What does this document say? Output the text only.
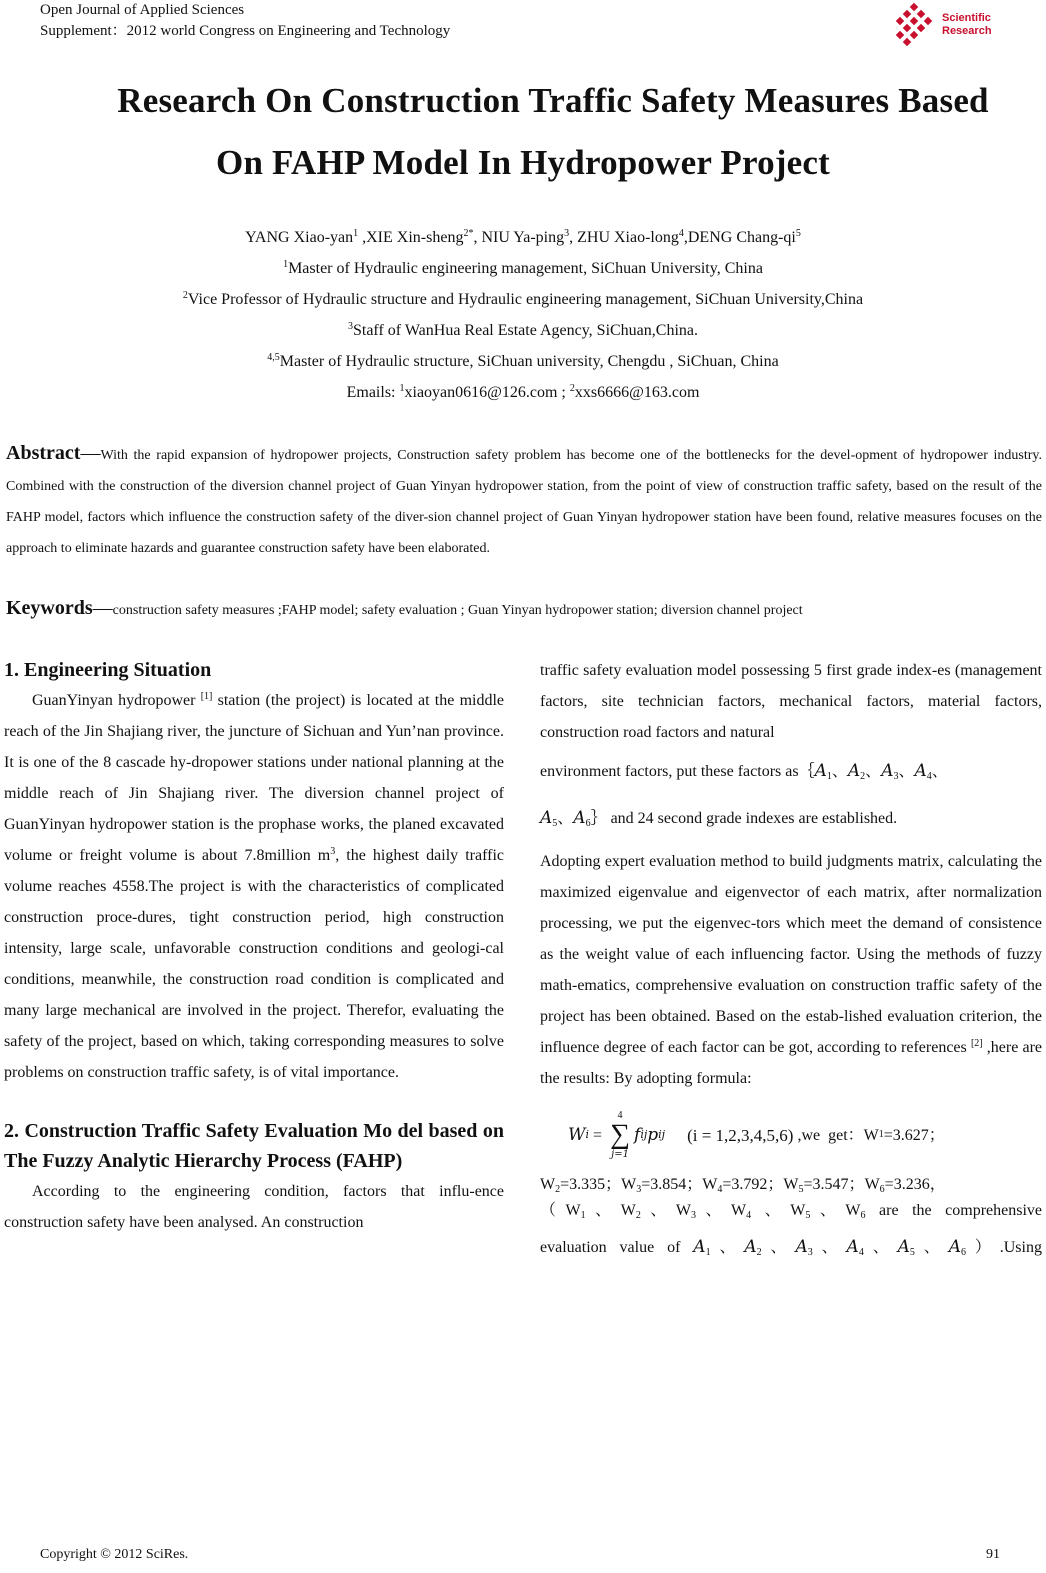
Open Journal of Applied Sciences
Supplement：2012 world Congress on Engineering and Technology
Scientific
Research
Research On Construction Traffic Safety Measures Based
On FAHP Model In Hydropower Project
YANG Xiao-yan$^1$ ,XIE Xin-sheng$^{2*}$, NIU Ya-ping$^3$, ZHU Xiao-long$^4$,DENG Chang-$qi^5$
$^1$Master of Hydraulic engineering management, SiChuan University, China
$^2$Vice Professor of Hydraulic structure and Hydraulic engineering management, SiChuan University,China
$^3$Staff of WanHua Real Estate Agency, SiChuan,China.
$^{4,5}$Master of Hydraulic structure, SiChuan university, Chengdu , SiChuan, China
Emails: $^1$xiaoyan0616@126.com ; $^2$xxs6666@163.com
Abstract—With the rapid expansion of hydropower projects, Construction safety problem has become one of the bottlenecks for the devel-opment of hydropower industry. Combined with the construction of the diversion channel project of Guan Yinyan hydropower station, from the point of view of construction traffic safety, based on the result of the FAHP model, factors which influence the construction safety of the diver-sion channel project of Guan Yinyan hydropower station have been found, relative measures focuses on the approach to eliminate hazards and guarantee construction safety have been elaborated.
Keywords—construction safety measures ;FAHP model; safety evaluation ; Guan Yinyan hydropower station; diversion channel project

1. Engineering Situation

GuanYinyan hydropower [1] station (the project) is located at the middle reach of the Jin Shajiang river, the juncture of Sichuan and Yun’nan province. It is one of the 8 cascade hy-dropower stations under national planning at the middle reach of Jin Shajiang river. The diversion channel project of GuanYinyan hydropower station is the prophase works, the planed excavated volume or freight volume is about 7.8million $m^3$, the highest daily traffic volume reaches 4558.The project is with the characteristics of complicated construction proce-dures, tight construction period, high construction intensity, large scale, unfavorable construction conditions and geologi-cal conditions, meanwhile, the construction road condition is complicated and many large mechanical are involved in the project. Therefor, evaluating the safety of the project, based on which, taking corresponding measures to solve problems on construction traffic safety, is of vital importance.

2. Construction Traffic Safety Evaluation Mo del based on The Fuzzy Analytic Hierarchy Process (FAHP)

According to the engineering condition, factors that influ-ence construction safety have been analysed. An construction

traffic safety evaluation model possessing 5 first grade index-es (management factors, site technician factors, mechanical factors, material factors, construction road factors and natural
environment factors, put these factors $as\{A_1$、$A_2$、$A_3$、$A_4$、
$A_5$、$A_6\}$ and 24 second grade indexes are established.

Adopting expert evaluation method to build judgments matrix, calculating the maximized eigenvalue and eigenvector of each matrix, after normalization processing, we put the eigenvec-tors which meet the demand of consistence as the weight value of each influencing factor. Using the methods of fuzzy math-ematics, comprehensive evaluation on construction traffic safety of the project has been obtained. Based on the estab-lished evaluation criterion, the influence degree of each factor can be got, according to references [2] ,here are the results: By adopting formula:

W i =
4
∑
j=1
f ij p ij (i = 1,2,3,4,5,6) ,we  get：W 1 =3.627；

$W_2=3.335$；$W_3=3.854$；$W_4=3.792$；$W_5=3.547$；$W_6=3.236$，

（$W_1$、$W_2$、$W_3$、$W_4$ 、$W_5$、$W_6$ are the comprehensive

evaluation value of $A_1$、$A_2$、$A_3$、$A_4$、$A_5$、$A_6).Using$

Copyright © 2012 SciRes.	91
